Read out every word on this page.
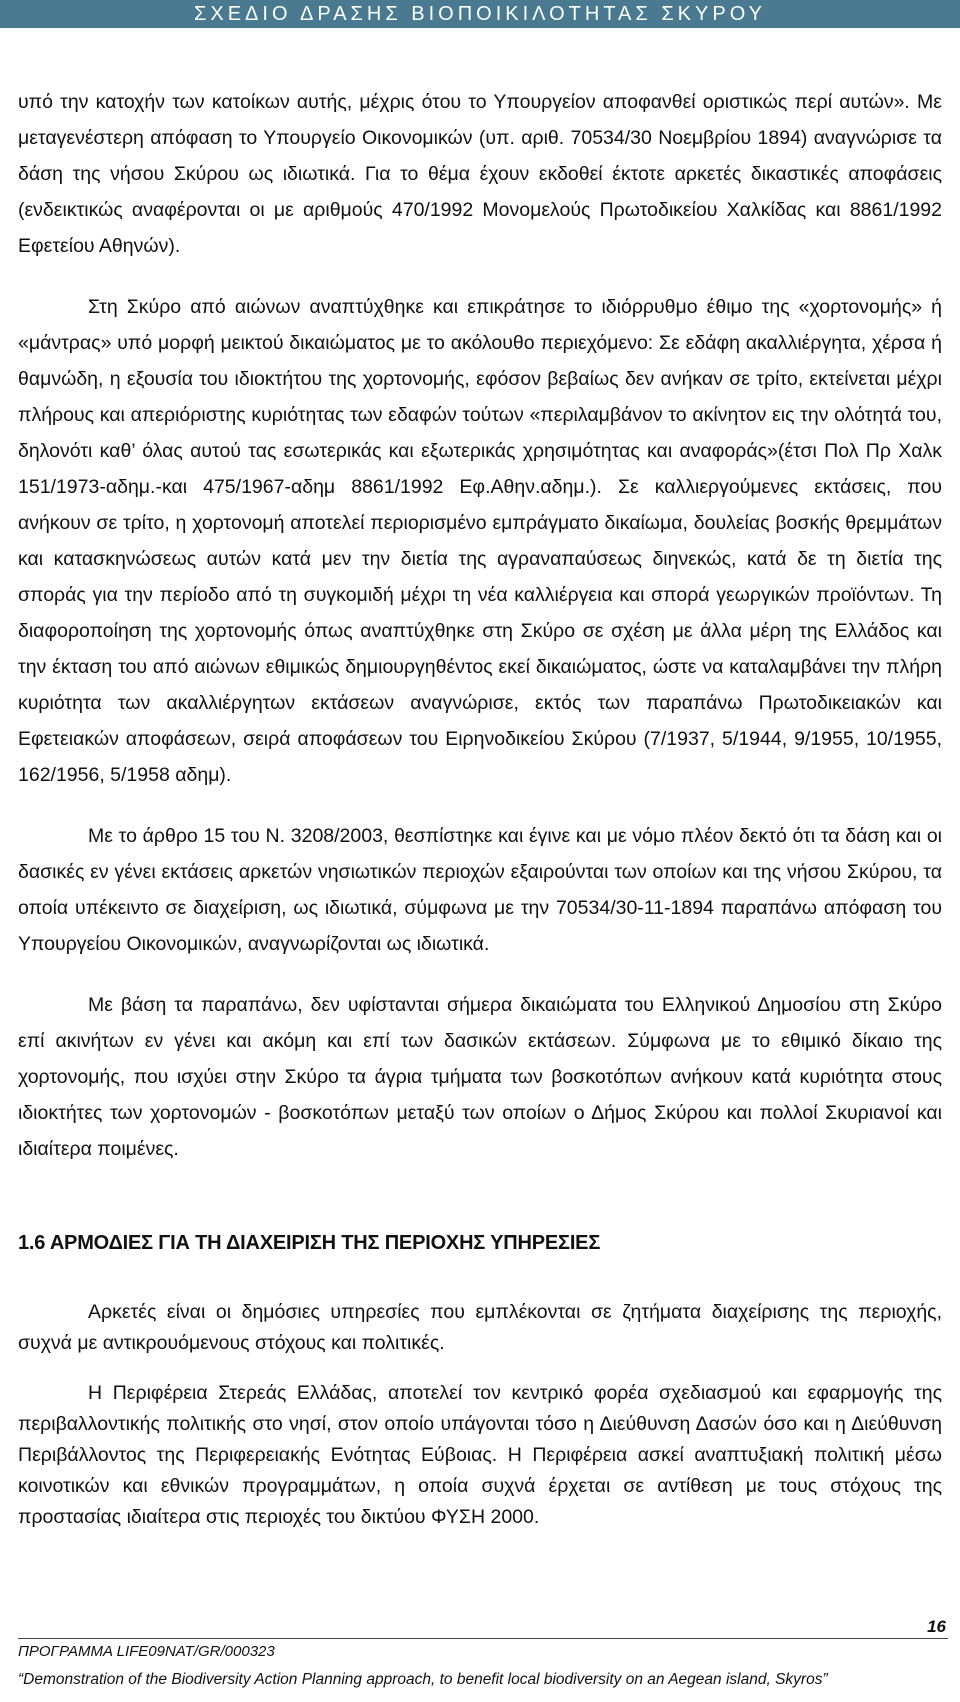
ΣΧΕΔΙΟ ΔΡΑΣΗΣ ΒΙΟΠΟΙΚΙΛΟΤΗΤΑΣ ΣΚΥΡΟΥ

υπό την κατοχήν των κατοίκων αυτής, μέχρις ότου το Υπουργείον αποφανθεί οριστικώς περί αυτών». Με μεταγενέστερη απόφαση το Υπουργείο Οικονομικών (υπ. αριθ. 70534/30 Νοεμβρίου 1894) αναγνώρισε τα δάση της νήσου Σκύρου ως ιδιωτικά. Για το θέμα έχουν εκδοθεί έκτοτε αρκετές δικαστικές αποφάσεις (ενδεικτικώς αναφέρονται οι με αριθμούς 470/1992 Μονομελούς Πρωτοδικείου Χαλκίδας και 8861/1992 Εφετείου Αθηνών).

Στη Σκύρο από αιώνων αναπτύχθηκε και επικράτησε το ιδιόρρυθμο έθιμο της «χορτονομής» ή «μάντρας» υπό μορφή μεικτού δικαιώματος με το ακόλουθο περιεχόμενο: Σε εδάφη ακαλλιέργητα, χέρσα ή θαμνώδη, η εξουσία του ιδιοκτήτου της χορτονομής, εφόσον βεβαίως δεν ανήκαν σε τρίτο, εκτείνεται μέχρι πλήρους και απεριόριστης κυριότητας των εδαφών τούτων «περιλαμβάνον το ακίνητον εις την ολότητά του, δηλονότι καθ’ όλας αυτού τας εσωτερικάς και εξωτερικάς χρησιμότητας και αναφοράς»(έτσι Πολ Πρ Χαλκ 151/1973-αδημ.-και 475/1967-αδημ 8861/1992 Εφ.Αθην.αδημ.). Σε καλλιεργούμενες εκτάσεις, που ανήκουν σε τρίτο, η χορτονομή αποτελεί περιορισμένο εμπράγματο δικαίωμα, δουλείας βοσκής θρεμμάτων και κατασκηνώσεως αυτών κατά μεν την διετία της αγραναπαύσεως διηνεκώς, κατά δε τη διετία της σποράς για την περίοδο από τη συγκομιδή μέχρι τη νέα καλλιέργεια και σπορά γεωργικών προϊόντων. Τη διαφοροποίηση της χορτονομής όπως αναπτύχθηκε στη Σκύρο σε σχέση με άλλα μέρη της Ελλάδος και την έκταση του από αιώνων εθιμικώς δημιουργηθέντος εκεί δικαιώματος, ώστε να καταλαμβάνει την πλήρη κυριότητα των ακαλλιέργητων εκτάσεων αναγνώρισε, εκτός των παραπάνω Πρωτοδικειακών και Εφετειακών αποφάσεων, σειρά αποφάσεων του Ειρηνοδικείου Σκύρου (7/1937, 5/1944, 9/1955, 10/1955, 162/1956, 5/1958 αδημ).

Με το άρθρο 15 του Ν. 3208/2003, θεσπίστηκε και έγινε και με νόμο πλέον δεκτό ότι τα δάση και οι δασικές εν γένει εκτάσεις αρκετών νησιωτικών περιοχών εξαιρούνται των οποίων και της νήσου Σκύρου, τα οποία υπέκειντο σε διαχείριση, ως ιδιωτικά, σύμφωνα με την 70534/30-11-1894 παραπάνω απόφαση του Υπουργείου Οικονομικών, αναγνωρίζονται ως ιδιωτικά.

Με βάση τα παραπάνω, δεν υφίστανται σήμερα δικαιώματα του Ελληνικού Δημοσίου στη Σκύρο επί ακινήτων εν γένει και ακόμη και επί των δασικών εκτάσεων. Σύμφωνα με το εθιμικό δίκαιο της χορτονομής, που ισχύει στην Σκύρο τα άγρια τμήματα των βοσκοτόπων ανήκουν κατά κυριότητα στους ιδιοκτήτες των χορτονομών - βοσκοτόπων μεταξύ των οποίων ο Δήμος Σκύρου και πολλοί Σκυριανοί και ιδιαίτερα ποιμένες.

1.6 ΑΡΜΟΔΙΕΣ ΓΙΑ ΤΗ ΔΙΑΧΕΙΡΙΣΗ ΤΗΣ ΠΕΡΙΟΧΗΣ ΥΠΗΡΕΣΙΕΣ

Αρκετές είναι οι δημόσιες υπηρεσίες που εμπλέκονται σε ζητήματα διαχείρισης της περιοχής, συχνά με αντικρουόμενους στόχους και πολιτικές.

Η Περιφέρεια Στερεάς Ελλάδας, αποτελεί τον κεντρικό φορέα σχεδιασμού και εφαρμογής της περιβαλλοντικής πολιτικής στο νησί, στον οποίο υπάγονται τόσο η Διεύθυνση Δασών όσο και η Διεύθυνση Περιβάλλοντος της Περιφερειακής Ενότητας Εύβοιας. Η Περιφέρεια ασκεί αναπτυξιακή πολιτική μέσω κοινοτικών και εθνικών προγραμμάτων, η οποία συχνά έρχεται σε αντίθεση με τους στόχους της προστασίας ιδιαίτερα στις περιοχές του δικτύου ΦΥΣΗ 2000.

16
ΠΡΟΓΡΑΜΜΑ LIFE09NAT/GR/000323
“Demonstration of the Biodiversity Action Planning approach, to benefit local biodiversity on an Aegean island, Skyros”
